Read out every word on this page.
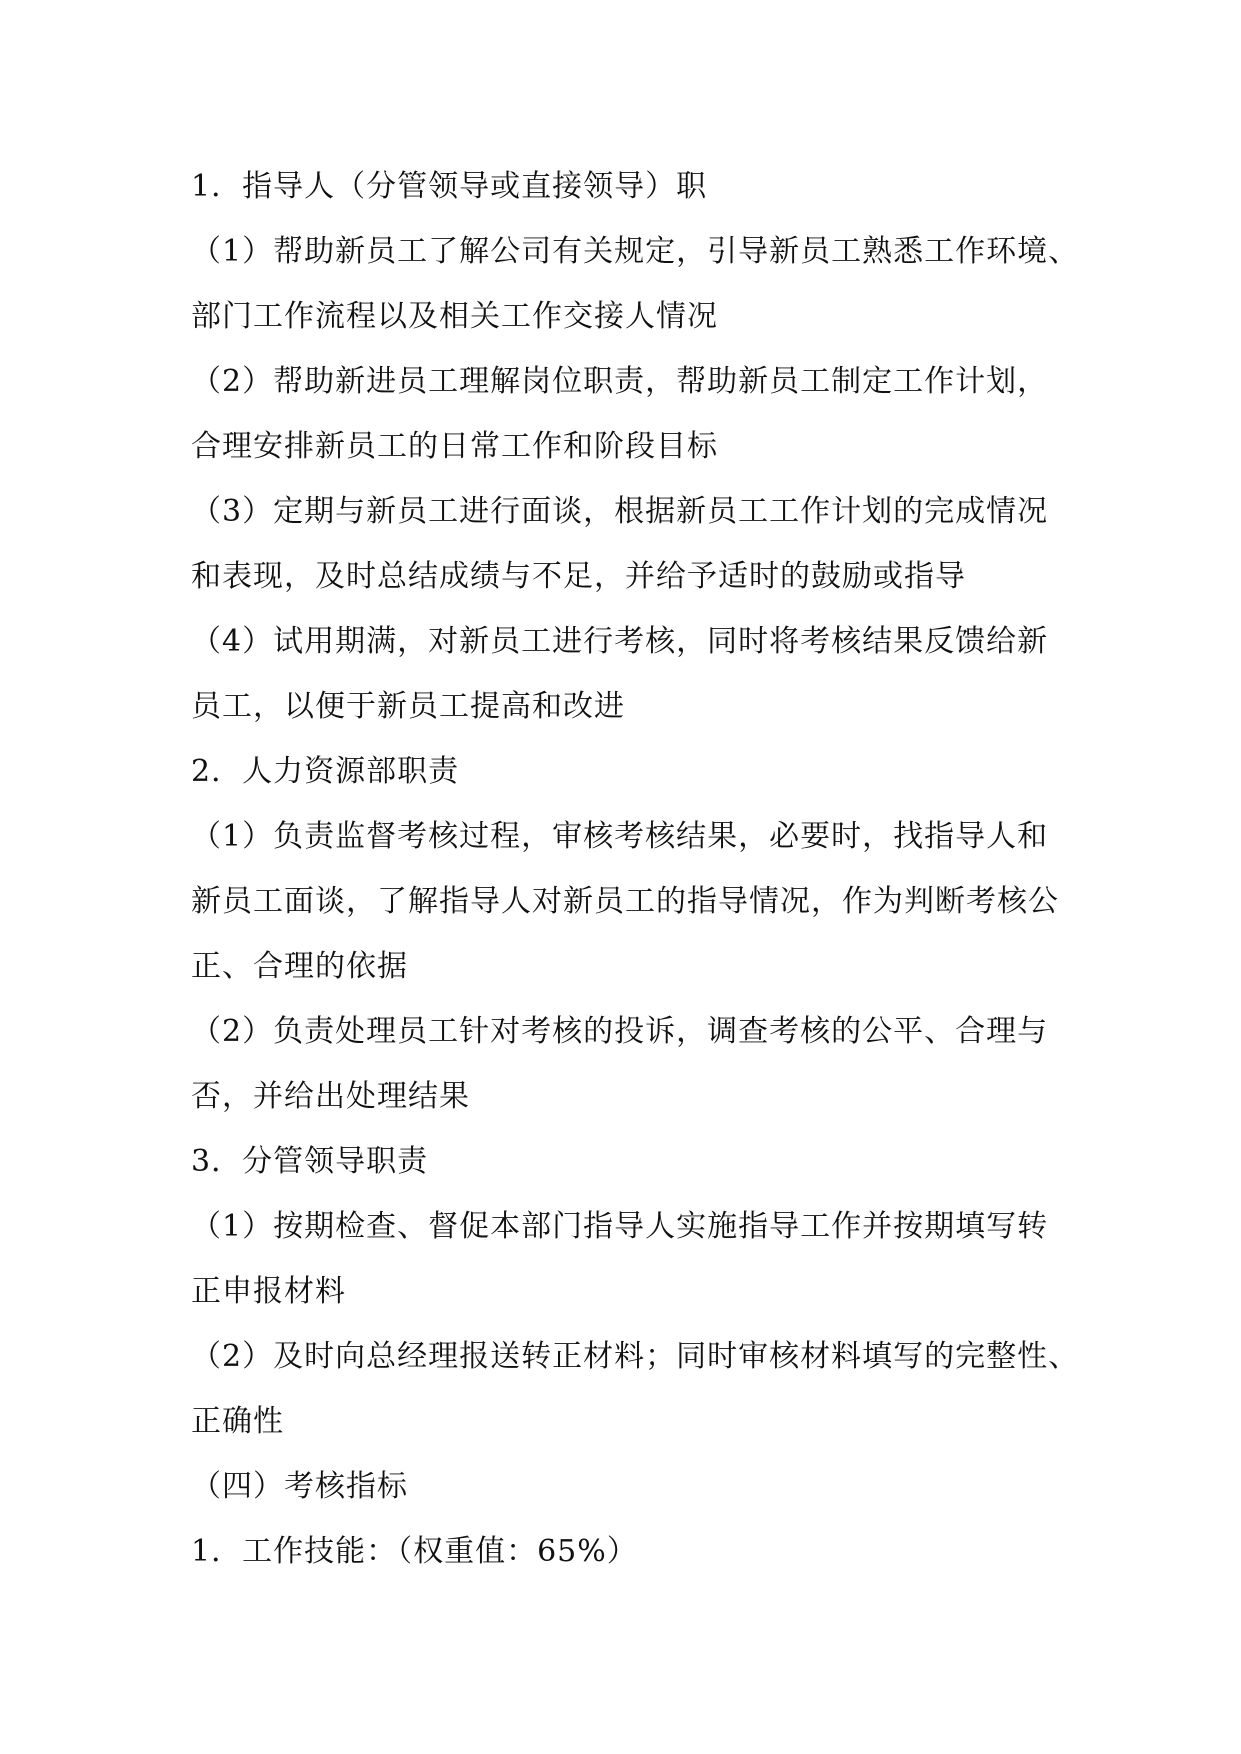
1．指导人（分管领导或直接领导）职
（1）帮助新员工了解公司有关规定，引导新员工熟悉工作环境、
部门工作流程以及相关工作交接人情况
（2）帮助新进员工理解岗位职责，帮助新员工制定工作计划，
合理安排新员工的日常工作和阶段目标
（3）定期与新员工进行面谈，根据新员工工作计划的完成情况
和表现，及时总结成绩与不足，并给予适时的鼓励或指导
（4）试用期满，对新员工进行考核，同时将考核结果反馈给新
员工，以便于新员工提高和改进
2．人力资源部职责
（1）负责监督考核过程，审核考核结果，必要时，找指导人和
新员工面谈，了解指导人对新员工的指导情况，作为判断考核公
正、合理的依据
（2）负责处理员工针对考核的投诉，调查考核的公平、合理与
否，并给出处理结果
3．分管领导职责
（1）按期检查、督促本部门指导人实施指导工作并按期填写转
正申报材料
（2）及时向总经理报送转正材料；同时审核材料填写的完整性、
正确性
（四）考核指标
1．工作技能：（权重值：65%）
